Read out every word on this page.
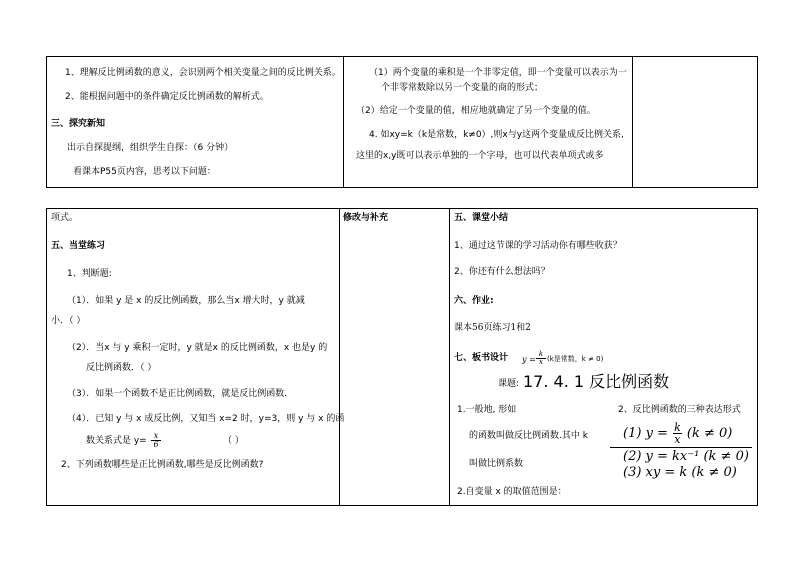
1、理解反比例函数的意义，会识别两个相关变量之间的反比例关系。
2、能根据问题中的条件确定反比例函数的解析式。
三、探究新知
出示自探提纲，组织学生自探：（6 分钟）
看课本P55页内容，思考以下问题：
（1）两个变量的乘积是一个非零定值，即一个变量可以表示为一
个非零常数除以另一个变量的商的形式；
（2）给定一个变量的值，相应地就确定了另一个变量的值。
4. 如xy=k（k是常数，k≠0）,则x与y这两个变量成反比例关系,
这里的x,y既可以表示单独的一个字母，也可以代表单项式或多
项式。
五、当堂练习
1、判断题:
（1）．如果 y 是 x 的反比例函数，那么当x 增大时，y 就减
小．（ ）
（2）．当x 与 y 乘积一定时，y 就是x 的反比例函数，x 也是y 的
反比例函数．（ ）
（3）．如果一个函数不是正比例函数，就是反比例函数．
（4）．已知 y 与 x 成反比例，又知当 x=2 时，y=3，则 y 与 x 的函
数关系式是 $y= \frac{x}{6}$	（ ）
2、下列函数哪些是正比例函数,哪些是反比例函数?
修改与补充	五、课堂小结
1、通过这节课的学习活动你有哪些收获？
2、你还有什么想法吗？
六、作业:
课本56页练习1和2
七、板书设计 $y = \frac{k}{x} (k$是常数，k ≠ 0)
课题: 17. 4. 1 反比例函数
1.一般地, 形如
的函数叫做反比例函数.其中 k
叫做比例系数
2.自变量 x 的取值范围是：
2、反比例函数的三种表达形式
(1) $y = \frac{k}{x} (k \ne 0)$
(2) y = kx⁻¹ (k ≠ 0)
(3) xy = k (k ≠ 0)
